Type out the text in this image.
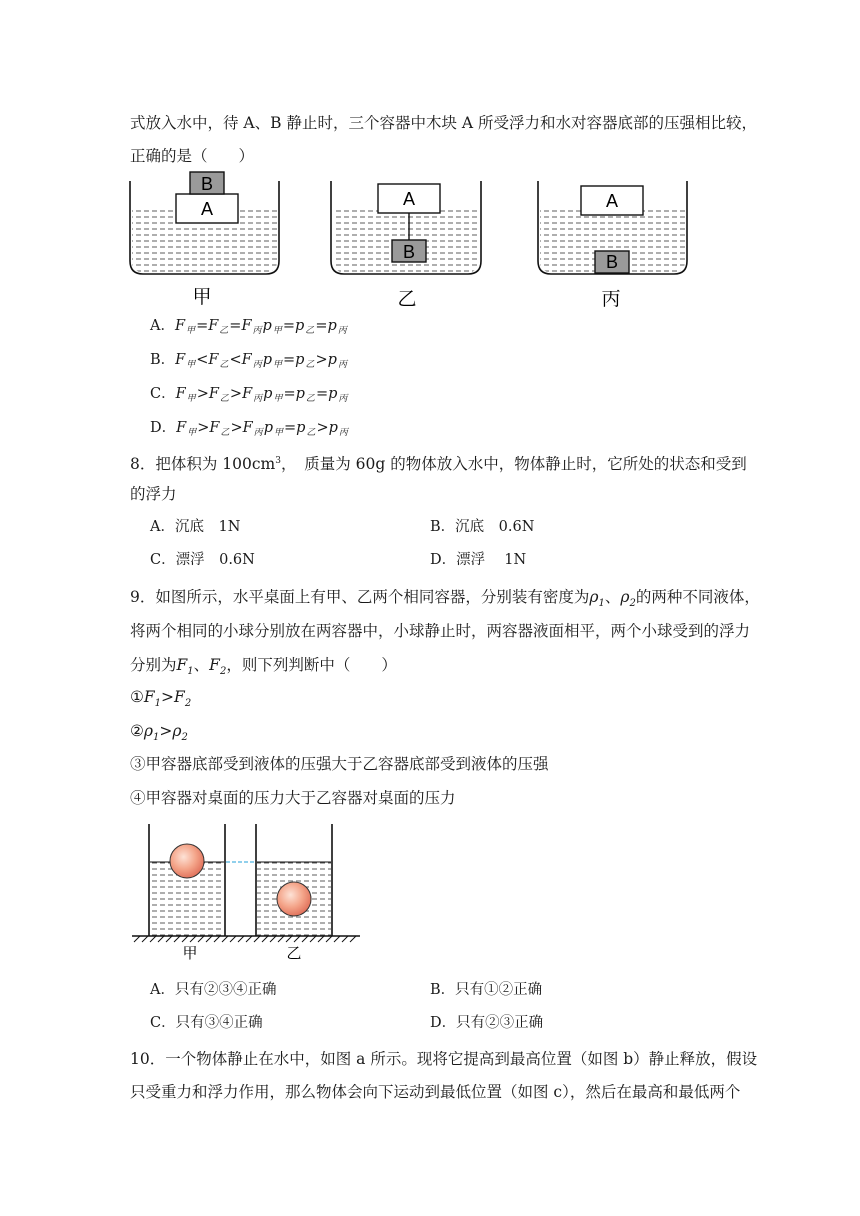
式放入水中，待 A、B 静止时，三个容器中木块 A 所受浮力和水对容器底部的压强相比较，
正确的是（　　）
A
B
A
B
A
B
甲	乙	丙
A．$F_甲=F_乙=F_丙p_甲=p_乙=p_丙$
B．$F_甲<F_乙<F_丙p_甲=p_乙>p_丙$
C．$F_甲>F_乙>F_丙p_甲=p_乙=p_丙$
D．$F_甲>F_乙>F_丙p_甲=p_乙>p_丙$
8．把体积为 $100cm^3$，　质量为 60g 的物体放入水中，物体静止时，它所处的状态和受到
的浮力
A．沉底　1N	B．沉底　0.6N
C．漂浮　0.6N	D．漂浮　 1N
9．如图所示，水平桌面上有甲、乙两个相同容器，分别装有密度为$\rho_1$、$\rho_2$的两种不同液体，
将两个相同的小球分别放在两容器中，小球静止时，两容器液面相平，两个小球受到的浮力
分别为$F_1$、$F_2$，则下列判断中（　　）
$①F_1>F_2$
$②\rho_1>\rho_2$
③甲容器底部受到液体的压强大于乙容器底部受到液体的压强
④甲容器对桌面的压力大于乙容器对桌面的压力
甲	乙
A．只有②③④正确	B．只有①②正确
C．只有③④正确	D．只有②③正确
10．一个物体静止在水中，如图 a 所示。现将它提高到最高位置（如图 b）静止释放，假设
只受重力和浮力作用，那么物体会向下运动到最低位置（如图 c），然后在最高和最低两个
